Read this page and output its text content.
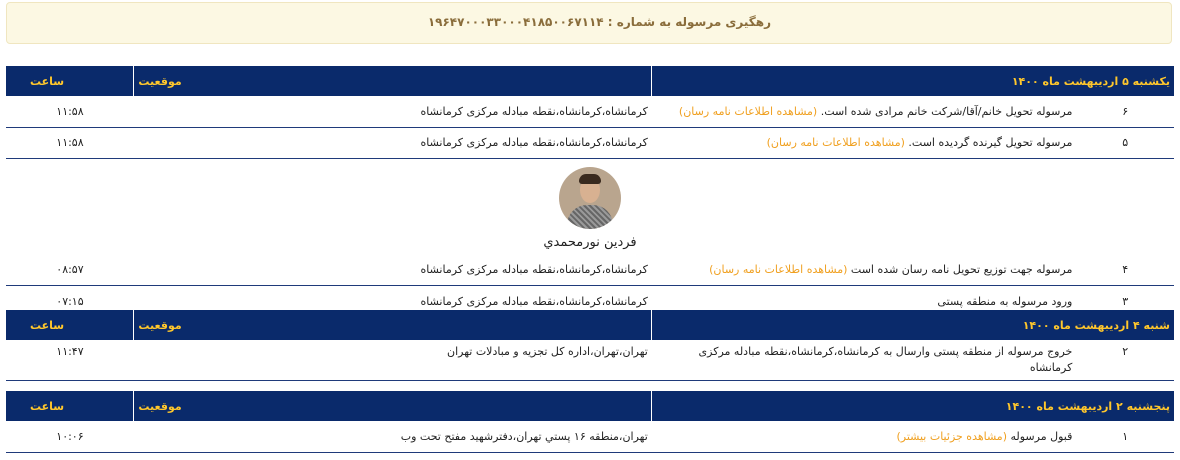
رهگیری مرسوله به شماره : ۱۹۶۴۷۰۰۰۳۳۰۰۰۴۱۸۵۰۰۶۷۱۱۴
یکشنبه ۵ اردیبهشت ماه ۱۴۰۰		موقعیت	ساعت
۶	مرسوله تحویل خانم/آقا/شرکت خانم مرادی شده است. (مشاهده اطلاعات نامه رسان)	کرمانشاه،کرمانشاه،نقطه مبادله مرکزی کرمانشاه	۱۱:۵۸
۵	مرسوله تحویل گیرنده گردیده است. (مشاهده اطلاعات نامه رسان)	کرمانشاه،کرمانشاه،نقطه مبادله مرکزی کرمانشاه	۱۱:۵۸

فردين نورمحمدي			

۴	مرسوله جهت توزیع تحویل نامه رسان شده است (مشاهده اطلاعات نامه رسان)	کرمانشاه،کرمانشاه،نقطه مبادله مرکزی کرمانشاه	۰۸:۵۷
۳	ورود مرسوله به منطقه پستی	کرمانشاه،کرمانشاه،نقطه مبادله مرکزی کرمانشاه	۰۷:۱۵
شنبه ۴ اردیبهشت ماه ۱۴۰۰		موقعیت	ساعت
۲	خروج مرسوله از منطقه پستی وارسال به کرمانشاه،کرمانشاه،نقطه مبادله مرکزی کرمانشاه	تهران،تهران،اداره کل تجزیه و مبادلات تهران	۱۱:۴۷
پنجشنبه ۲ اردیبهشت ماه ۱۴۰۰		موقعیت	ساعت
۱	قبول مرسوله (مشاهده جزئیات بیشتر)	تهران،منطقه ۱۶ پستي تهران،دفترشهيد مفتح تحت وب	۱۰:۰۶
